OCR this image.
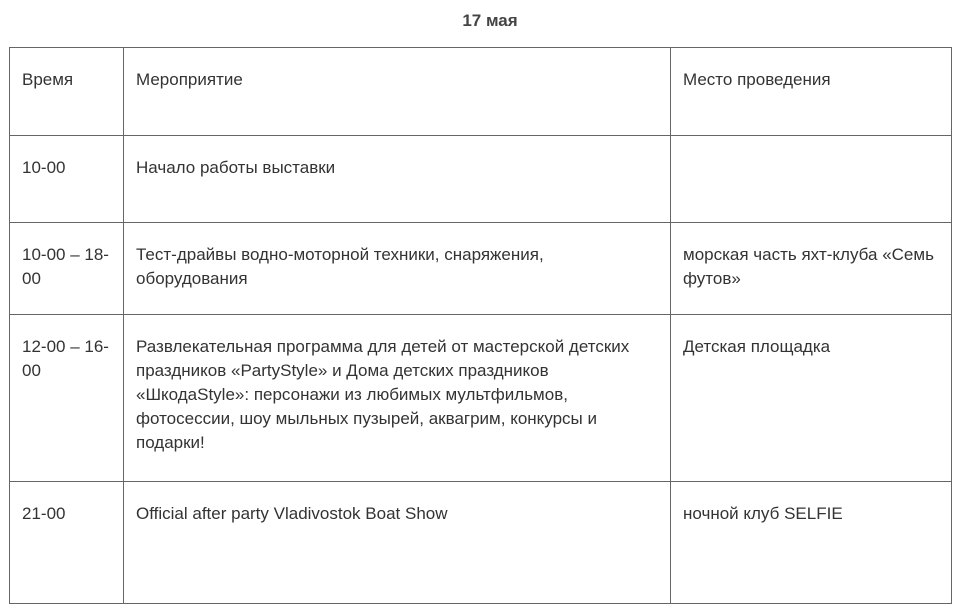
17 мая
Время	Мероприятие	Место проведения

10-00	Начало работы выставки	

10-00 – 18-00	Тест-драйвы водно-моторной техники, снаряжения, оборудования	морская часть яхт-клуба «Семь футов»

12-00 – 16-00	Развлекательная программа для детей от мастерской детских праздников «PartyStyle» и Дома детских праздников «ШкодаStyle»: персонажи из любимых мультфильмов, фотосессии, шоу мыльных пузырей, аквагрим, конкурсы и подарки!	Детская площадка

21-00	Official after party Vladivostok Boat Show	ночной клуб SELFIE
